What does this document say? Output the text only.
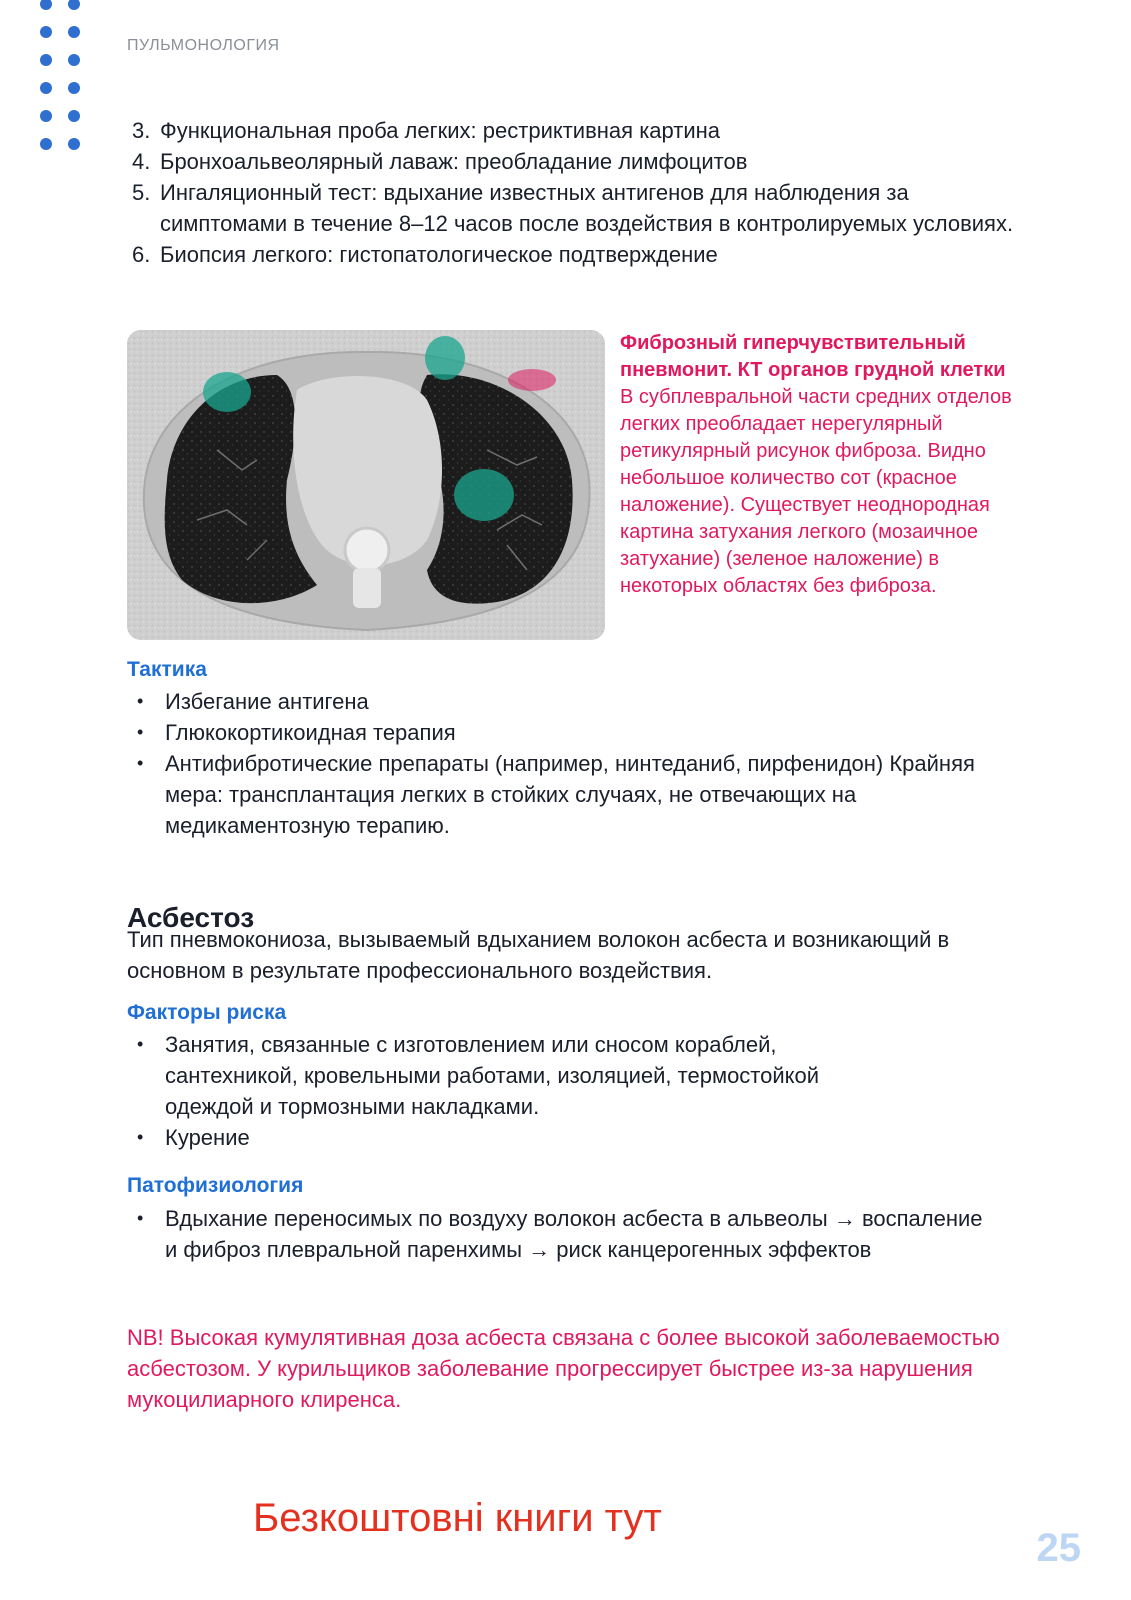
ПУЛЬМОНОЛОГИЯ
3. Функциональная проба легких: рестриктивная картина
4. Бронхоальвеолярный лаваж: преобладание лимфоцитов
5. Ингаляционный тест: вдыхание известных антигенов для наблюдения за симптомами в течение 8–12 часов после воздействия в контролируемых условиях.
6. Биопсия легкого: гистопатологическое подтверждение
Фиброзный гиперчувствительный пневмонит. КТ органов грудной клетки
В субплевральной части средних отделов легких преобладает нерегулярный ретикулярный рисунок фиброза. Видно небольшое количество сот (красное наложение). Существует неоднородная картина затухания легкого (мозаичное затухание) (зеленое наложение) в некоторых областях без фиброза.
Тактика
• Избегание антигена
• Глюкокортикоидная терапия
• Антифибротические препараты (например, нинтеданиб, пирфенидон) Крайняя мера: трансплантация легких в стойких случаях, не отвечающих на медикаментозную терапию.
Асбестоз
Тип пневмокониоза, вызываемый вдыханием волокон асбеста и возникающий в основном в результате профессионального воздействия.
Факторы риска
• Занятия, связанные с изготовлением или сносом кораблей, сантехникой, кровельными работами, изоляцией, термостойкой одеждой и тормозными накладками.
• Курение
Патофизиология
• Вдыхание переносимых по воздуху волокон асбеста в альвеолы → воспаление и фиброз плевральной паренхимы → риск канцерогенных эффектов
NB! Высокая кумулятивная доза асбеста связана с более высокой заболеваемостью асбестозом. У курильщиков заболевание прогрессирует быстрее из-за нарушения мукоцилиарного клиренса.
Безкоштовні книги тут
25
